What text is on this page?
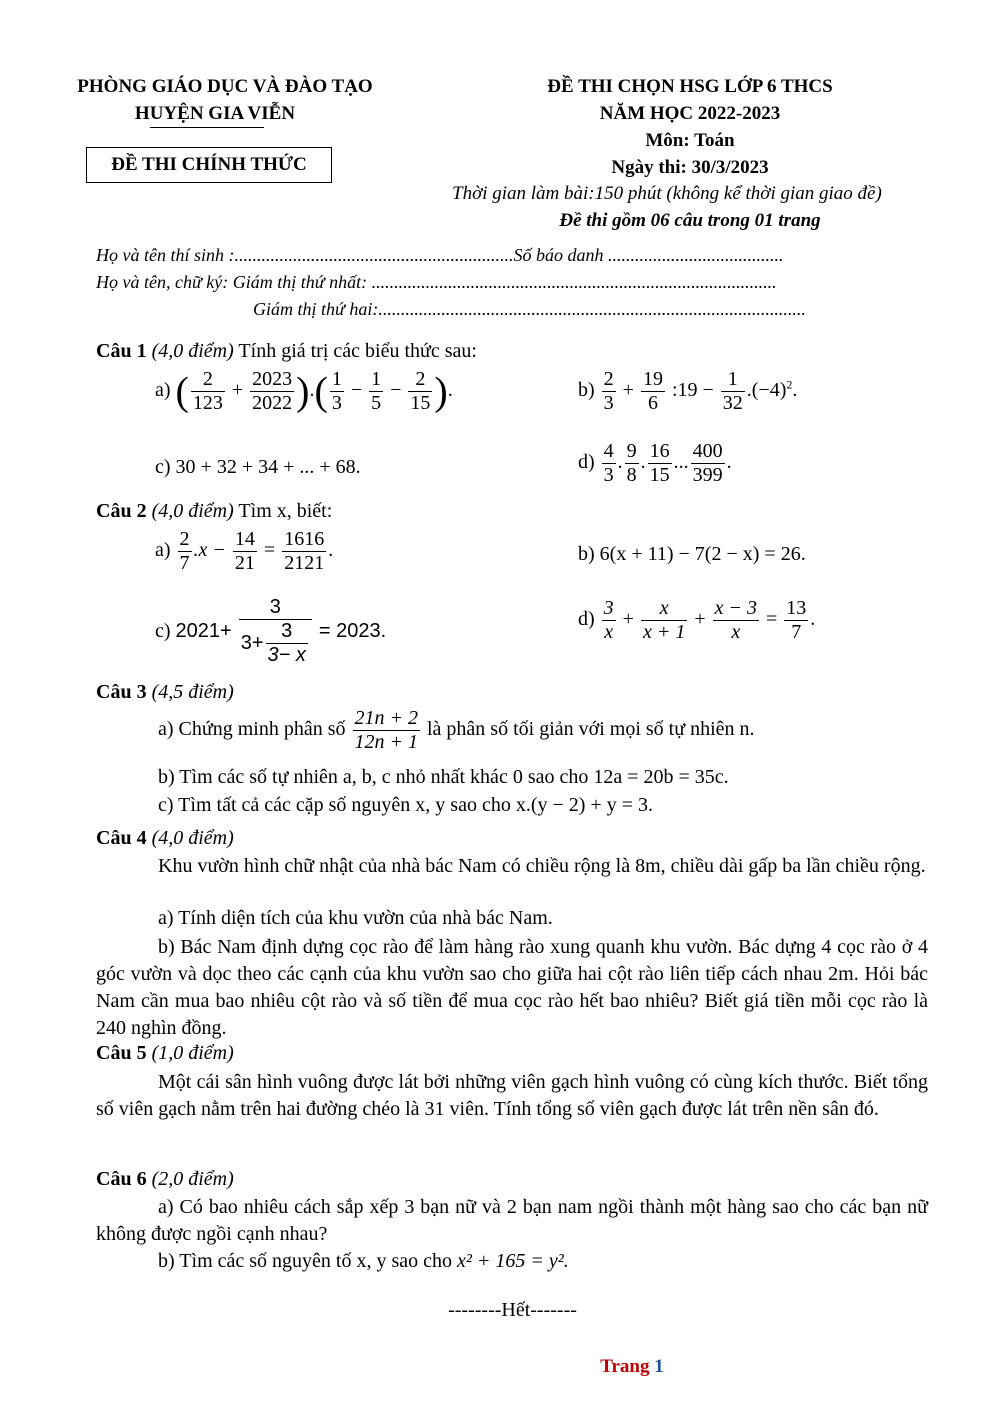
PHÒNG GIÁO DỤC VÀ ĐÀO TẠO
HUYỆN GIA VIỄN
ĐỀ THI CHÍNH THỨC
ĐỀ THI CHỌN HSG LỚP 6 THCS
NĂM HỌC 2022-2023
Môn: Toán
Ngày thi: 30/3/2023
Thời gian làm bài:150 phút (không kể thời gian giao đề)
Đề thi gồm 06 câu trong 01 trang
Họ và tên thí sinh :..............................................................Số báo danh .......................................
Họ và tên, chữ ký: Giám thị thứ nhất: ..........................................................................................
Giám thị thứ hai:...............................................................................................
Câu 1 (4,0 điểm) Tính giá trị các biểu thức sau:
a) ( $\frac{2}{123} + \frac{2023}{2022}$ ).( $\frac{1}{3} - \frac{1}{5} - \frac{2}{15}$ ).	$b) \frac{2}{3} + \frac{19}{6}$ :19 − $\frac{1}{32} .(-4)^2$.
c) 30 + 32 + 34 + ... + 68.	$d) \frac{4}{3}$ . $\frac{9}{8}$ . $\frac{16}{15}$ ... $\frac{400}{399}$ .
Câu 2 (4,0 điểm) Tìm x, biết:
$a) \frac{2}{7} .x - \frac{14}{21} = \frac{1616}{2121}$ .	b) 6(x + 11) − 7(2 − x) = 26.
c) $2021+ \frac{3}{3+ \frac{3}{3- x}} = 2023$.
$d) \frac{3}{x} + \frac{x}{x + 1} + \frac{x - 3}{x} = \frac{13}{7}$ .
Câu 3 (4,5 điểm)
a) Chứng minh phân số $\frac{21n + 2}{12n + 1}$ là phân số tối giản với mọi số tự nhiên n.
b) Tìm các số tự nhiên a, b, c nhỏ nhất khác 0 sao cho 12a = 20b = 35c.
c) Tìm tất cả các cặp số nguyên x, y sao cho x.(y − 2) + y = 3.
Câu 4 (4,0 điểm)
Khu vườn hình chữ nhật của nhà bác Nam có chiều rộng là 8m, chiều dài gấp ba lần chiều rộng.
a) Tính diện tích của khu vườn của nhà bác Nam.
b) Bác Nam định dựng cọc rào để làm hàng rào xung quanh khu vườn. Bác dựng 4 cọc rào ở 4 góc vườn và dọc theo các cạnh của khu vườn sao cho giữa hai cột rào liên tiếp cách nhau 2m. Hỏi bác Nam cần mua bao nhiêu cột rào và số tiền để mua cọc rào hết bao nhiêu? Biết giá tiền mỗi cọc rào là 240 nghìn đồng.
Câu 5 (1,0 điểm)
Một cái sân hình vuông được lát bởi những viên gạch hình vuông có cùng kích thước. Biết tổng số viên gạch nằm trên hai đường chéo là 31 viên. Tính tổng số viên gạch được lát trên nền sân đó.
Câu 6 (2,0 điểm)
a) Có bao nhiêu cách sắp xếp 3 bạn nữ và 2 bạn nam ngồi thành một hàng sao cho các bạn nữ không được ngồi cạnh nhau?
b) Tìm các số nguyên tố x, y sao cho x² + 165 = y².
--------Hết-------
Trang 1
